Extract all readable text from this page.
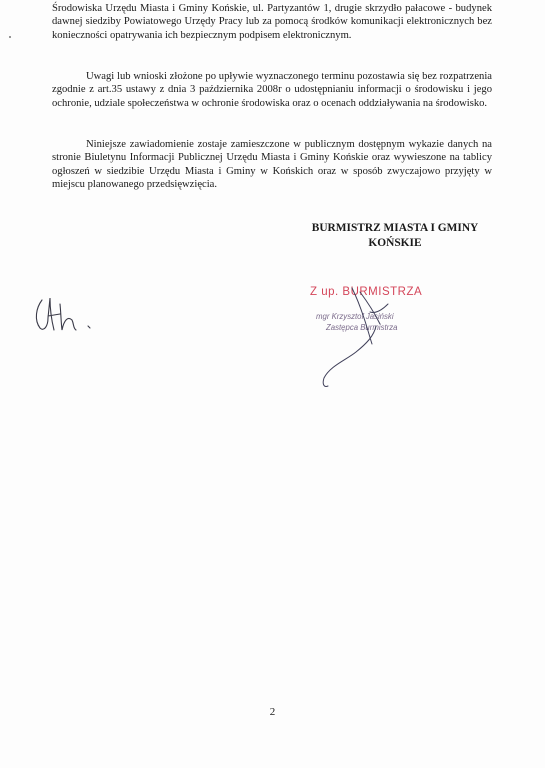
Środowiska Urzędu Miasta i Gminy Końskie, ul. Partyzantów 1, drugie skrzydło pałacowe - budynek dawnej siedziby Powiatowego Urzędy Pracy lub za pomocą środków komunikacji elektronicznych bez konieczności opatrywania ich bezpiecznym podpisem elektronicznym.

Uwagi lub wnioski złożone po upływie wyznaczonego terminu pozostawia się bez rozpatrzenia zgodnie z art.35 ustawy z dnia 3 października 2008r o udostępnianiu informacji o środowisku i jego ochronie, udziale społeczeństwa w ochronie środowiska oraz o ocenach oddziaływania na środowisko.

Niniejsze zawiadomienie zostaje zamieszczone w publicznym dostępnym wykazie danych na stronie Biuletynu Informacji Publicznej Urzędu Miasta i Gminy Końskie oraz wywieszone na tablicy ogłoszeń w siedzibie Urzędu Miasta i Gminy w Końskich oraz w sposób zwyczajowo przyjęty w miejscu planowanego przedsięwzięcia.

BURMISTRZ MIASTA I GMINY
KOŃSKIE
Z up. BURMISTRZA
mgr Krzysztof Jasiński
Zastępca Burmistrza
2
